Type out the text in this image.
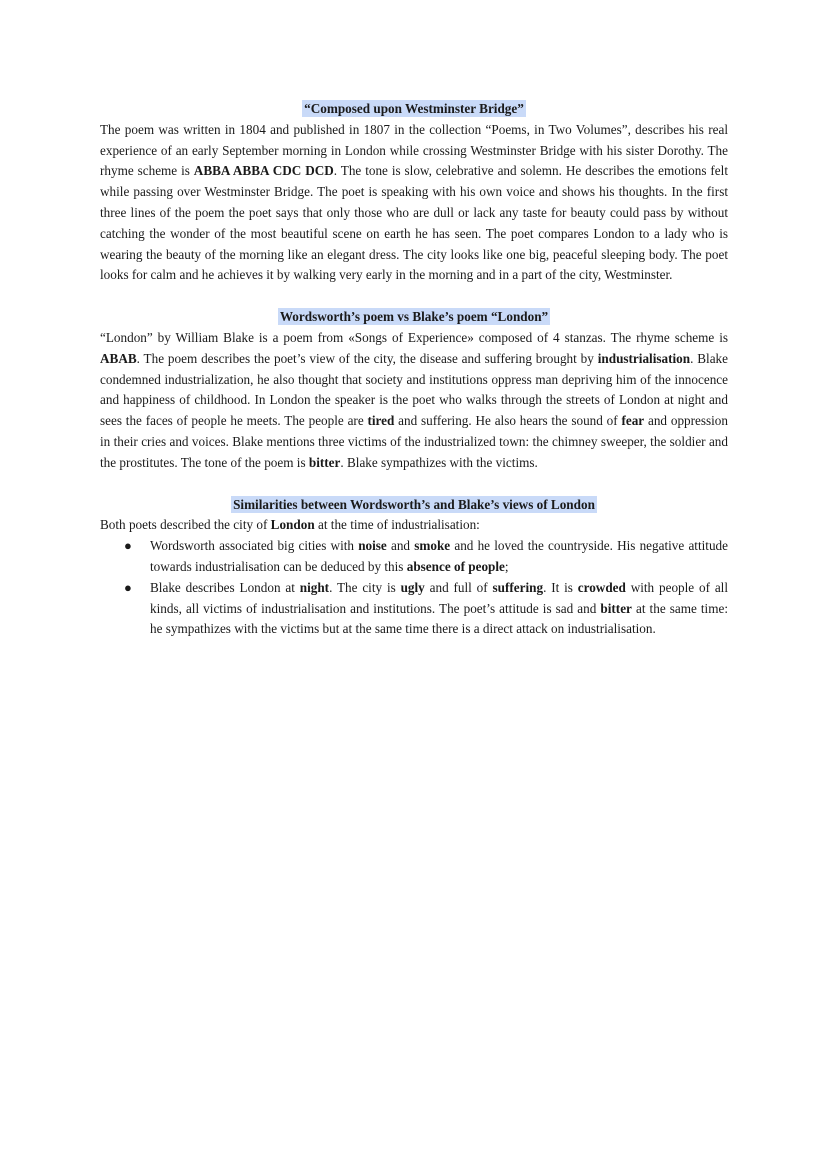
“Composed upon Westminster Bridge”

The poem was written in 1804 and published in 1807 in the collection “Poems, in Two Volumes”, describes his real experience of an early September morning in London while crossing Westminster Bridge with his sister Dorothy. The rhyme scheme is ABBA ABBA CDC DCD. The tone is slow, celebrative and solemn. He describes the emotions felt while passing over Westminster Bridge. The poet is speaking with his own voice and shows his thoughts. In the first three lines of the poem the poet says that only those who are dull or lack any taste for beauty could pass by without catching the wonder of the most beautiful scene on earth he has seen. The poet compares London to a lady who is wearing the beauty of the morning like an elegant dress. The city looks like one big, peaceful sleeping body. The poet looks for calm and he achieves it by walking very early in the morning and in a part of the city, Westminster.

Wordsworth’s poem vs Blake’s poem “London”

“London” by William Blake is a poem from «Songs of Experience» composed of 4 stanzas. The rhyme scheme is ABAB. The poem describes the poet’s view of the city, the disease and suffering brought by industrialisation. Blake condemned industrialization, he also thought that society and institutions oppress man depriving him of the innocence and happiness of childhood. In London the speaker is the poet who walks through the streets of London at night and sees the faces of people he meets. The people are tired and suffering. He also hears the sound of fear and oppression in their cries and voices. Blake mentions three victims of the industrialized town: the chimney sweeper, the soldier and the prostitutes. The tone of the poem is bitter. Blake sympathizes with the victims.

Similarities between Wordsworth’s and Blake’s views of London

Both poets described the city of London at the time of industrialisation:

● Wordsworth associated big cities with noise and smoke and he loved the countryside. His negative attitude towards industrialisation can be deduced by this absence of people;
● Blake describes London at night. The city is ugly and full of suffering. It is crowded with people of all kinds, all victims of industrialisation and institutions. The poet’s attitude is sad and bitter at the same time: he sympathizes with the victims but at the same time there is a direct attack on industrialisation.
